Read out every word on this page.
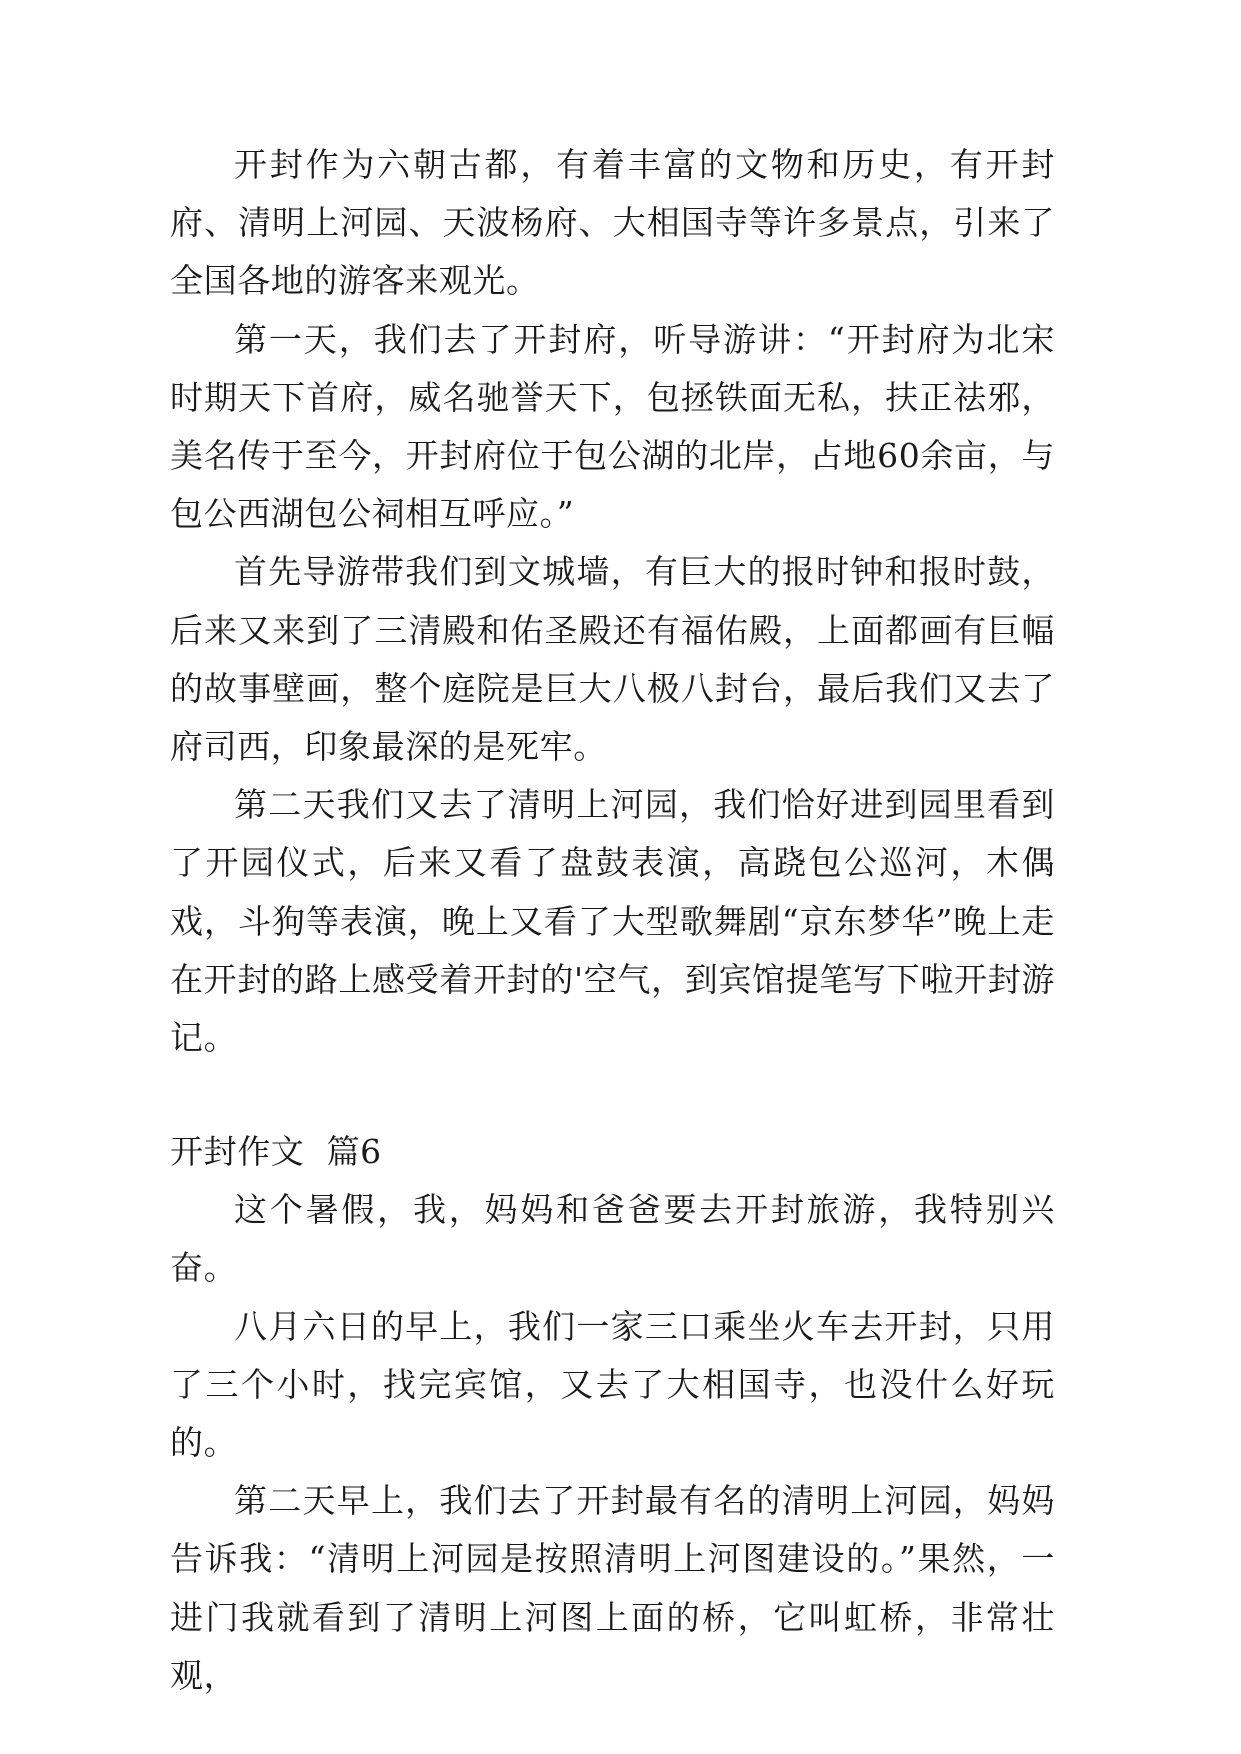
开封作为六朝古都，有着丰富的文物和历史，有开封府、清明上河园、天波杨府、大相国寺等许多景点，引来了全国各地的游客来观光。

第一天，我们去了开封府，听导游讲：“开封府为北宋时期天下首府，威名驰誉天下，包拯铁面无私，扶正祛邪，美名传于至今，开封府位于包公湖的北岸，占地60余亩，与包公西湖包公祠相互呼应。”

首先导游带我们到文城墙，有巨大的报时钟和报时鼓，后来又来到了三清殿和佑圣殿还有福佑殿，上面都画有巨幅的故事壁画，整个庭院是巨大八极八封台，最后我们又去了府司西，印象最深的是死牢。

第二天我们又去了清明上河园，我们恰好进到园里看到了开园仪式，后来又看了盘鼓表演，高跷包公巡河，木偶戏，斗狗等表演，晚上又看了大型歌舞剧“京东梦华”晚上走在开封的路上感受着开封的'空气，到宾馆提笔写下啦开封游记。

开封作文  篇6

这个暑假，我，妈妈和爸爸要去开封旅游，我特别兴奋。

八月六日的早上，我们一家三口乘坐火车去开封，只用了三个小时，找完宾馆，又去了大相国寺，也没什么好玩的。

第二天早上，我们去了开封最有名的清明上河园，妈妈告诉我：“清明上河园是按照清明上河图建设的。”果然，一进门我就看到了清明上河图上面的桥，它叫虹桥，非常壮观，
